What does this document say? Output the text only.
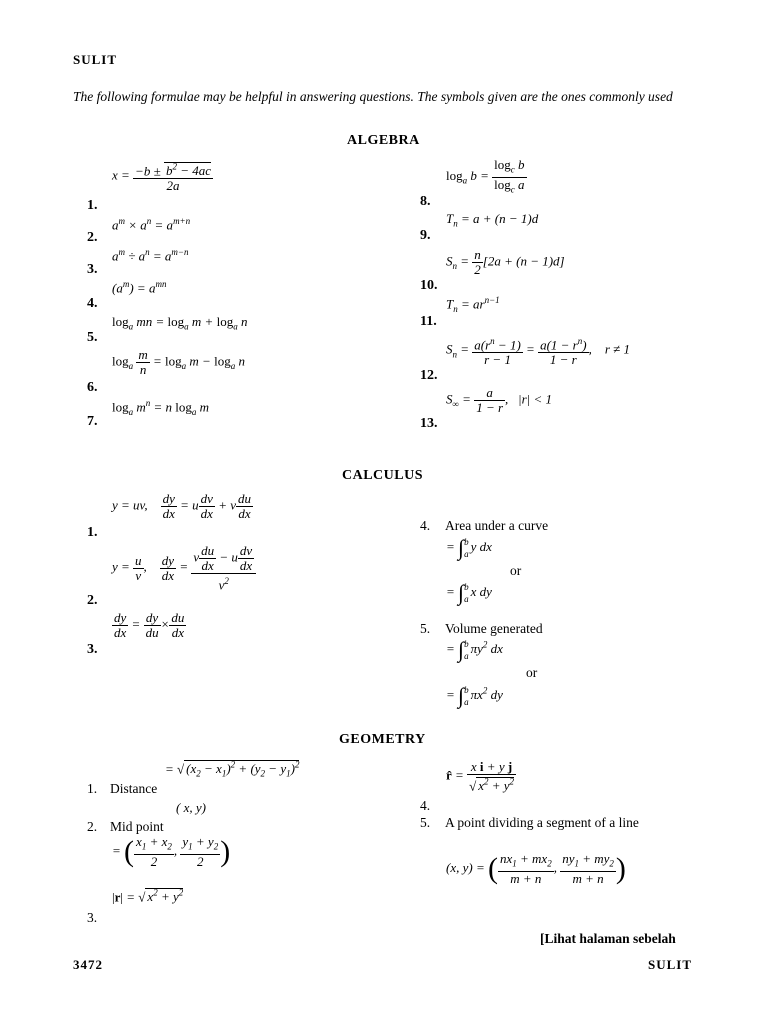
SULIT
The following formulae may be helpful in answering questions. The symbols given are the ones commonly used
ALGEBRA
$x = \frac{-b \pm b^2 - 4ac}{2a}$
1.
$a^m \times a^n = a^{m+n}$
2.
$a^m \div a^n = a^{m-n}$
3.
$(a^m) = a^{mn}$
4.
$\log_a$ mn = $\log_a m + \log_a n$
5.
$\log_a \frac{m}{n} = \log_a m - \log_a n$
6.
$\log_a m^n = n$ $\log_a m$
7.
$\log_a b = \frac{\log_c b}{\log_c a}$
8.
$T_n = a + (n - 1)d$
9.
$S_n = \frac{n}{2} [2a + (n - 1)d]$
10.
$T_n = ar^{n-1}$
11.
$S_n = \frac{a(r^n - 1)}{r - 1} = \frac{a(1 - r^n)}{1 - r}$ ,    r ≠ 1
12.
$S_\infty = \frac{a}{1 - r}$ ,   |r| < 1
13.
CALCULUS
y = uv, $\frac{dy}{dx} = u \frac{dv}{dx} + v \frac{du}{dx}$
1.
$y = \frac{u}{v}$ , $\frac{dy}{dx} = \frac{v \frac{du}{dx} - u \frac{dv}{dx}}{v^2}$
2.
$\frac{dy}{dx} = \frac{dy}{du} \times \frac{du}{dx}$
3.
4. Area under a curve
= ∫ b
a
y dx
or
= ∫ b
a
x dy
5. Volume generated
= ∫ b
a
$\pi y^2$ dx
or
= ∫ b
a
$\pi x^2$ dy
GEOMETRY
= √ $(x_2 - x_1)^2 + (y_2 - y_1)^2$
1. Distance
( x, y)
2. Mid point
= ( $\frac{x_1 + x_2}{2}$ , $\frac{y_1 + y_2}{2}$ )
|r| = √ $x^2 + y^2$
3.
r̂ = $\frac{\text{x i + y j}}{√ x^2 + y^2}$
4.
5. A point dividing a segment of a line
(x, y) = ( $\frac{nx_1 + mx_2}{m + n}$ , $\frac{ny_1 + my_2}{m + n}$ )
[Lihat halaman sebelah
3472	SULIT
